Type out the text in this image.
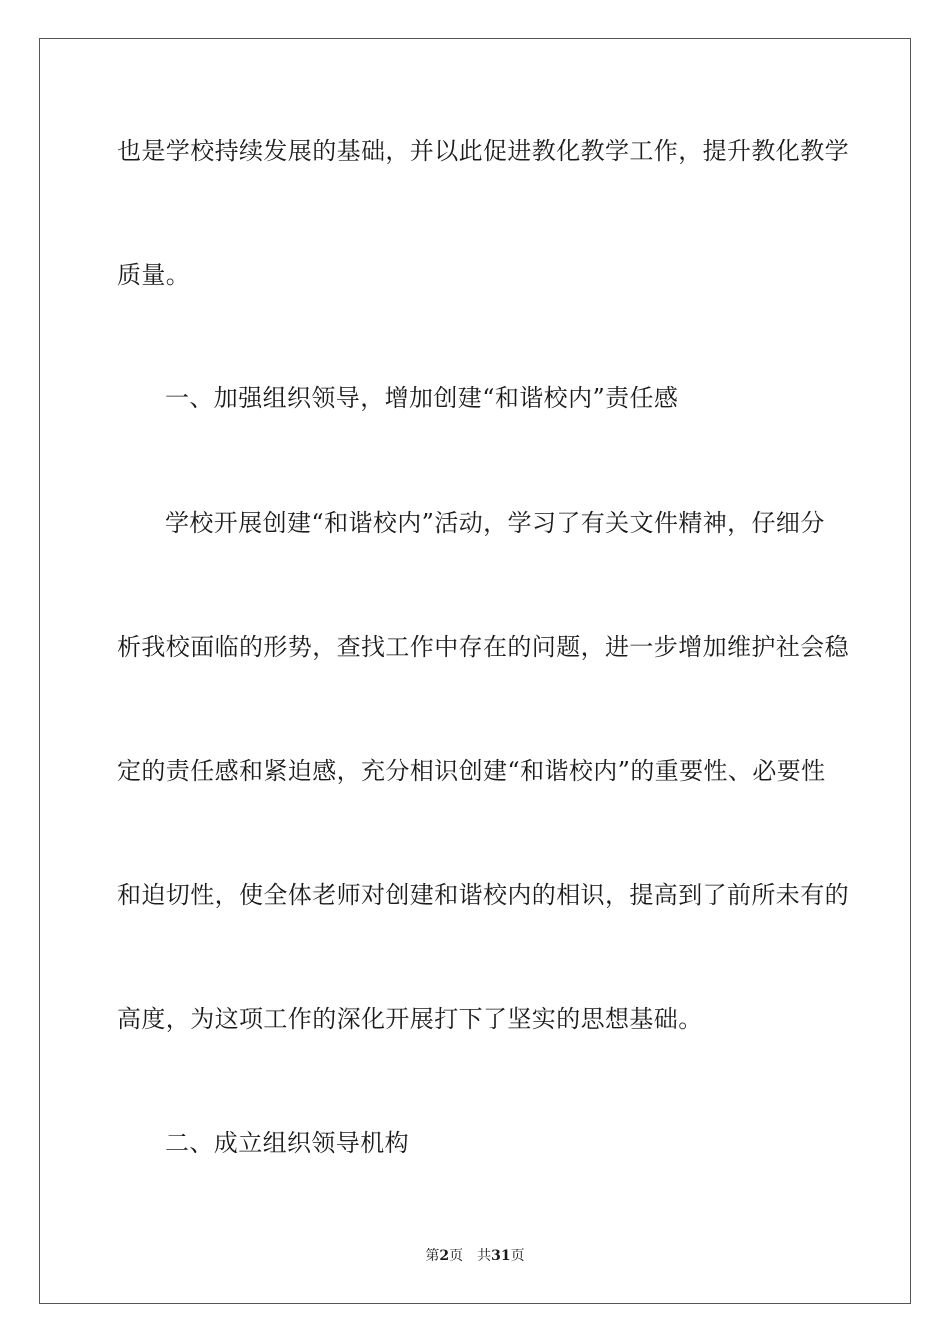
也是学校持续发展的基础，并以此促进教化教学工作，提升教化教学
质量。
一、加强组织领导，增加创建“和谐校内”责任感
学校开展创建“和谐校内”活动，学习了有关文件精神，仔细分
析我校面临的形势，查找工作中存在的问题，进一步增加维护社会稳
定的责任感和紧迫感，充分相识创建“和谐校内”的重要性、必要性
和迫切性，使全体老师对创建和谐校内的相识，提高到了前所未有的
高度，为这项工作的深化开展打下了坚实的思想基础。
二、成立组织领导机构
第2页 共31页
